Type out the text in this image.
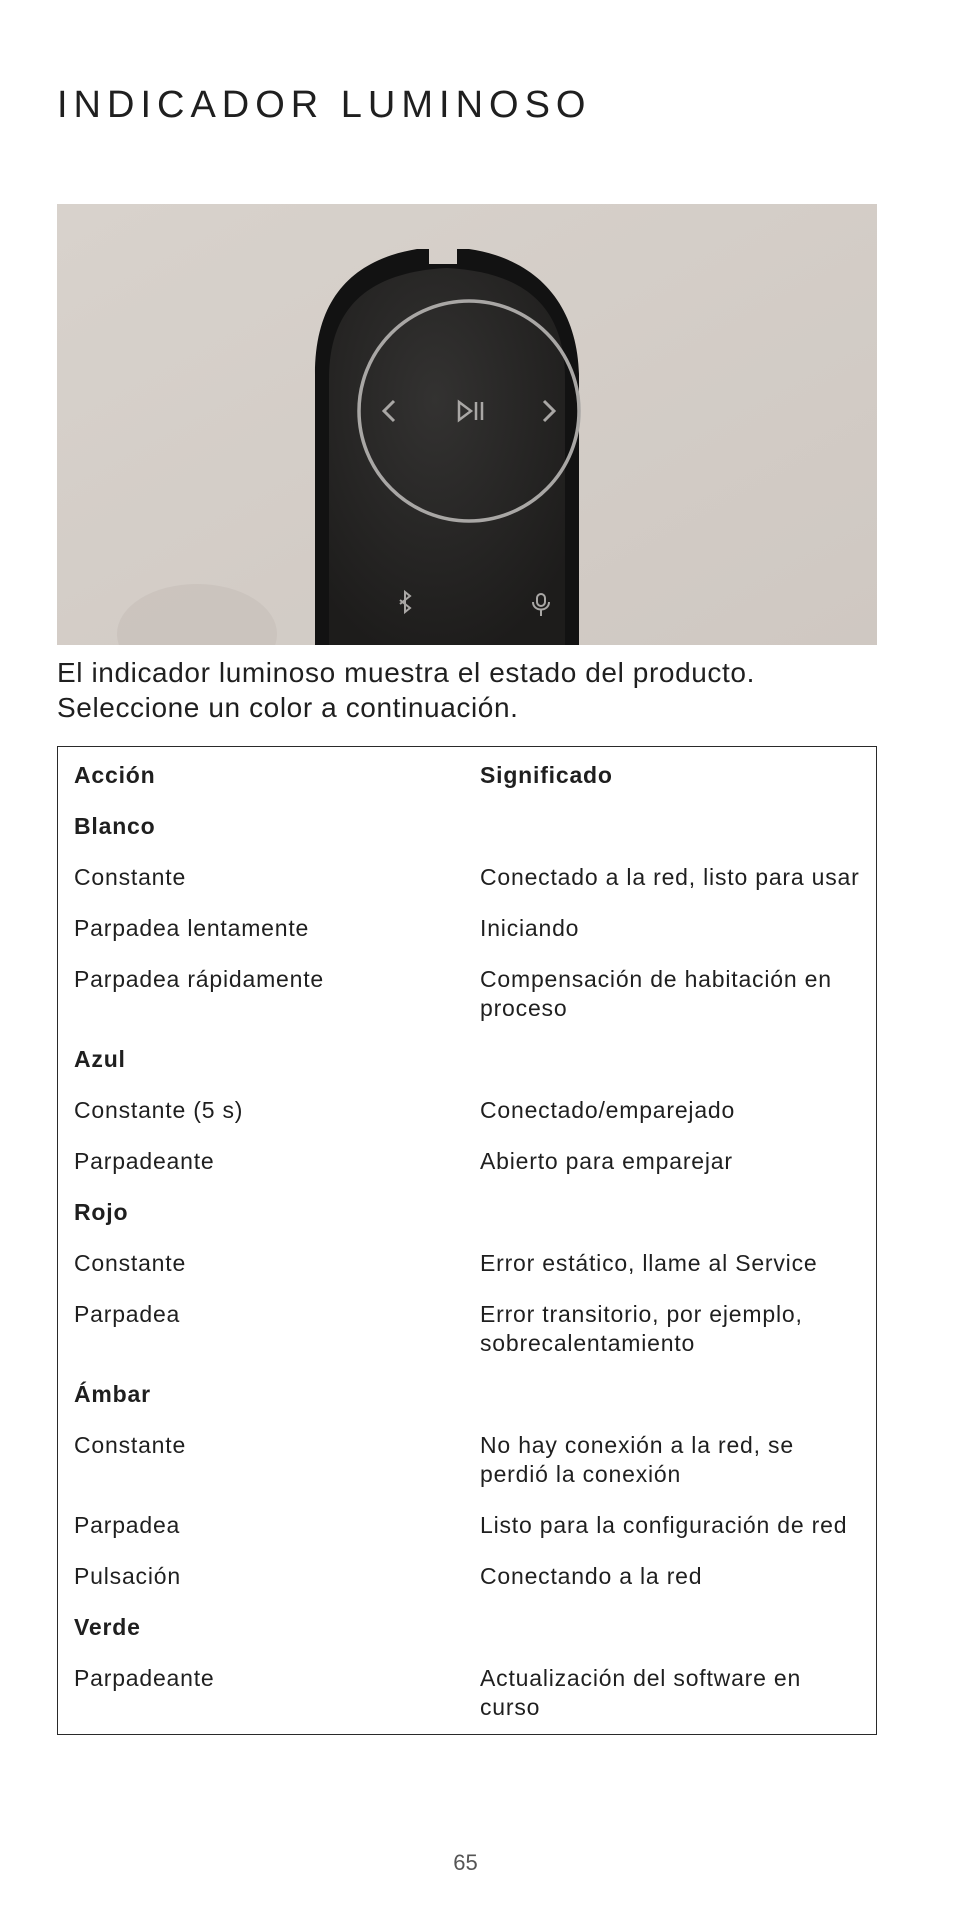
INDICADOR LUMINOSO

El indicador luminoso muestra el estado del producto. Seleccione un color a continuación.

Acción	Significado
Blanco	
Constante	Conectado a la red, listo para usar
Parpadea lentamente	Iniciando
Parpadea rápidamente	Compensación de habitación en proceso
Azul	
Constante (5 s)	Conectado/emparejado
Parpadeante	Abierto para emparejar
Rojo	
Constante	Error estático, llame al Service
Parpadea	Error transitorio, por ejemplo, sobrecalentamiento
Ámbar	
Constante	No hay conexión a la red, se perdió la conexión
Parpadea	Listo para la configuración de red
Pulsación	Conectando a la red
Verde	
Parpadeante	Actualización del software en curso
65
